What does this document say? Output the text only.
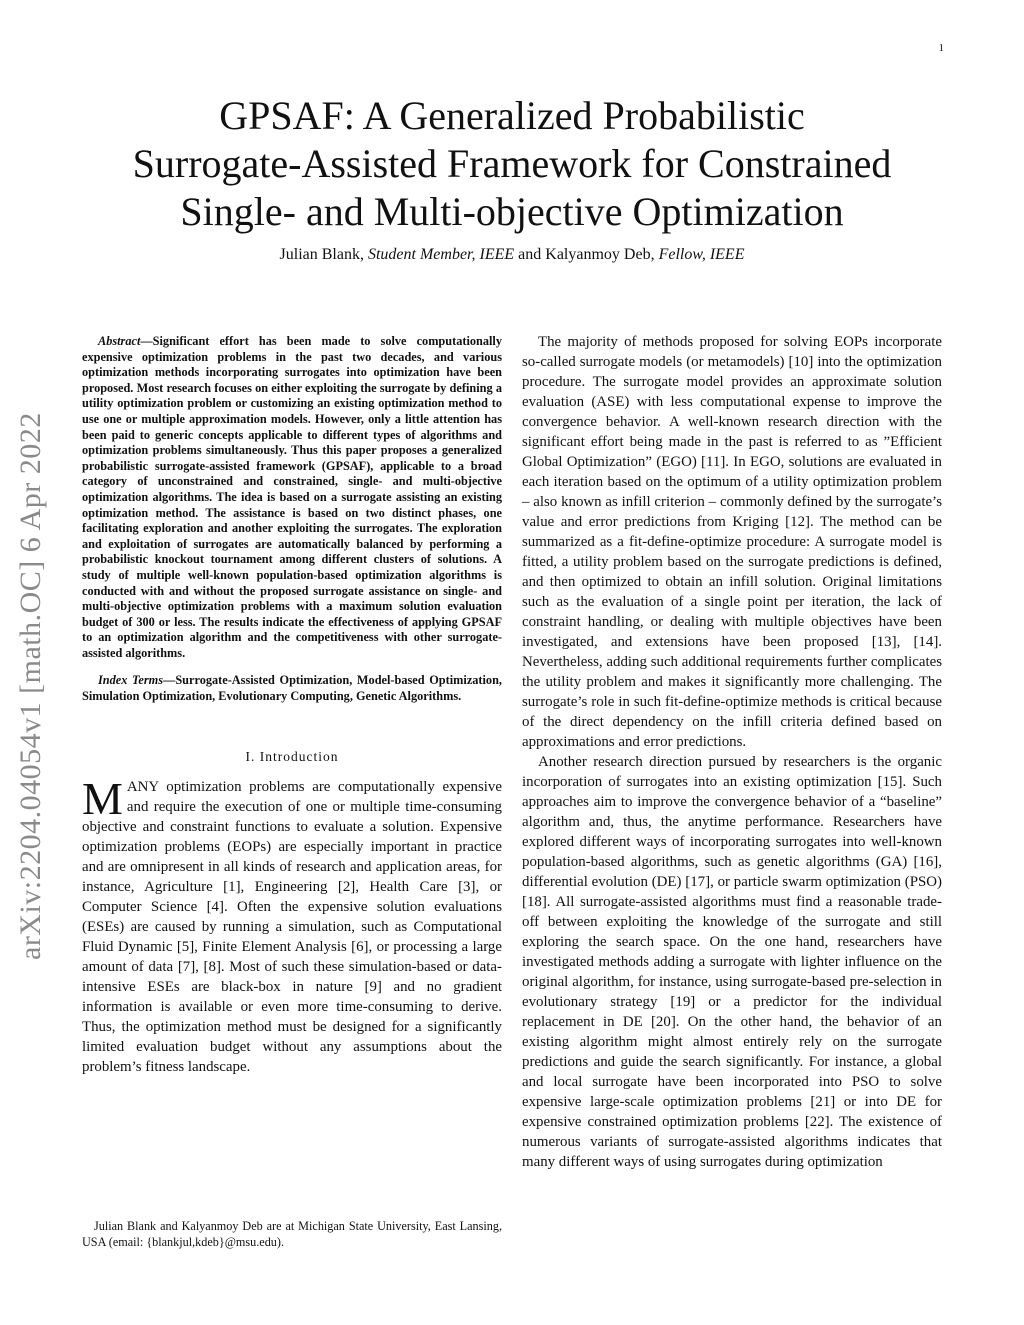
1
arXiv:2204.04054v1 [math.OC] 6 Apr 2022
GPSAF: A Generalized Probabilistic
Surrogate-Assisted Framework for Constrained
Single- and Multi-objective Optimization
Julian Blank, Student Member, IEEE and Kalyanmoy Deb, Fellow, IEEE

Abstract—Significant effort has been made to solve computationally expensive optimization problems in the past two decades, and various optimization methods incorporating surrogates into optimization have been proposed. Most research focuses on either exploiting the surrogate by defining a utility optimization problem or customizing an existing optimization method to use one or multiple approximation models. However, only a little attention has been paid to generic concepts applicable to different types of algorithms and optimization problems simultaneously. Thus this paper proposes a generalized probabilistic surrogate-assisted framework (GPSAF), applicable to a broad category of unconstrained and constrained, single- and multi-objective optimization algorithms. The idea is based on a surrogate assisting an existing optimization method. The assistance is based on two distinct phases, one facilitating exploration and another exploiting the surrogates. The exploration and exploitation of surrogates are automatically balanced by performing a probabilistic knockout tournament among different clusters of solutions. A study of multiple well-known population-based optimization algorithms is conducted with and without the proposed surrogate assistance on single- and multi-objective optimization problems with a maximum solution evaluation budget of 300 or less. The results indicate the effectiveness of applying GPSAF to an optimization algorithm and the competitiveness with other surrogate-assisted algorithms.

Index Terms—Surrogate-Assisted Optimization, Model-based Optimization, Simulation Optimization, Evolutionary Computing, Genetic Algorithms.

I. Introduction

MANY optimization problems are computationally expensive and require the execution of one or multiple time-consuming objective and constraint functions to evaluate a solution. Expensive optimization problems (EOPs) are especially important in practice and are omnipresent in all kinds of research and application areas, for instance, Agriculture [1], Engineering [2], Health Care [3], or Computer Science [4]. Often the expensive solution evaluations (ESEs) are caused by running a simulation, such as Computational Fluid Dynamic [5], Finite Element Analysis [6], or processing a large amount of data [7], [8]. Most of such these simulation-based or data-intensive ESEs are black-box in nature [9] and no gradient information is available or even more time-consuming to derive. Thus, the optimization method must be designed for a significantly limited evaluation budget without any assumptions about the problem’s fitness landscape.

Julian Blank and Kalyanmoy Deb are at Michigan State University, East Lansing, USA (email: {blankjul,kdeb}@msu.edu).

The majority of methods proposed for solving EOPs incorporate so-called surrogate models (or metamodels) [10] into the optimization procedure. The surrogate model provides an approximate solution evaluation (ASE) with less computational expense to improve the convergence behavior. A well-known research direction with the significant effort being made in the past is referred to as ”Efficient Global Optimization” (EGO) [11]. In EGO, solutions are evaluated in each iteration based on the optimum of a utility optimization problem – also known as infill criterion – commonly defined by the surrogate’s value and error predictions from Kriging [12]. The method can be summarized as a fit-define-optimize procedure: A surrogate model is fitted, a utility problem based on the surrogate predictions is defined, and then optimized to obtain an infill solution. Original limitations such as the evaluation of a single point per iteration, the lack of constraint handling, or dealing with multiple objectives have been investigated, and extensions have been proposed [13], [14]. Nevertheless, adding such additional requirements further complicates the utility problem and makes it significantly more challenging. The surrogate’s role in such fit-define-optimize methods is critical because of the direct dependency on the infill criteria defined based on approximations and error predictions.

Another research direction pursued by researchers is the organic incorporation of surrogates into an existing optimization [15]. Such approaches aim to improve the convergence behavior of a “baseline” algorithm and, thus, the anytime performance. Researchers have explored different ways of incorporating surrogates into well-known population-based algorithms, such as genetic algorithms (GA) [16], differential evolution (DE) [17], or particle swarm optimization (PSO) [18]. All surrogate-assisted algorithms must find a reasonable trade-off between exploiting the knowledge of the surrogate and still exploring the search space. On the one hand, researchers have investigated methods adding a surrogate with lighter influence on the original algorithm, for instance, using surrogate-based pre-selection in evolutionary strategy [19] or a predictor for the individual replacement in DE [20]. On the other hand, the behavior of an existing algorithm might almost entirely rely on the surrogate predictions and guide the search significantly. For instance, a global and local surrogate have been incorporated into PSO to solve expensive large-scale optimization problems [21] or into DE for expensive constrained optimization problems [22]. The existence of numerous variants of surrogate-assisted algorithms indicates that many different ways of using surrogates during optimization
